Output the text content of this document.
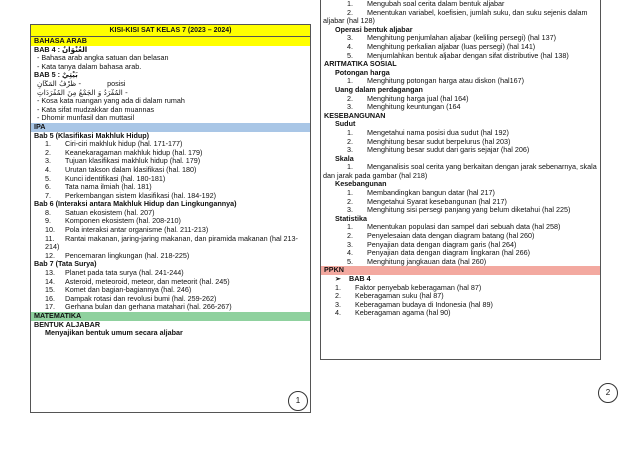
KISI-KISI SAT KELAS 7 (2023 – 2024)
BAHASA ARAB
BAB 4 : العُنْوَانُ
- Bahasa arab angka satuan dan belasan
- Kata tanya dalam bahasa arab.
BAB 5 : بَيْتِيْ
- ظَرْفُ المَكَانِ	posisi
- المُفْرَدُ وَ الجَمْعُ مِنَ المُفْرَدَاتِ
- Kosa kata ruangan yang ada di dalam rumah
- Kata sifat mudzakkar dan muannas
- Dhomir munfasil dan muttasil
IPA
Bab 5 (Klasifikasi Makhluk Hidup)
1. Ciri-ciri makhluk hidup (hal. 171-177)
2. Keanekaragaman makhluk hidup (hal. 179)
3. Tujuan klasifikasi makhluk hidup (hal. 179)
4. Urutan takson dalam klasifikasi (hal. 180)
5. Kunci identifikasi (hal. 180-181)
6. Tata nama ilmiah (hal. 181)
7. Perkembangan sistem klasifikasi (hal. 184-192)
Bab 6 (Interaksi antara Makhluk Hidup dan Lingkungannya)
8. Satuan ekosistem (hal. 207)
9. Komponen ekosistem (hal. 208-210)
10. Pola interaksi antar organisme (hal. 211-213)
11. Rantai makanan, jaring-jaring makanan, dan piramida makanan (hal 213-
214)
12. Pencemaran lingkungan (hal. 218-225)
Bab 7 (Tata Surya)
13. Planet pada tata surya (hal. 241-244)
14. Asteroid, meteoroid, meteor, dan meteorit (hal. 245)
15. Komet dan bagian-bagiannya (hal. 246)
16. Dampak rotasi dan revolusi bumi (hal. 259-262)
17. Gerhana bulan dan gerhana matahari (hal. 266-267)
MATEMATIKA
BENTUK ALJABAR
Menyajikan bentuk umum secara aljabar
1
1. Mengubah soal cerita dalam bentuk aljabar
2. Menentukan variabel, koefisien, jumlah suku, dan suku sejenis dalam
aljabar (hal 128)
Operasi bentuk aljabar
3. Menghitung penjumlahan aljabar (keliling persegi) (hal 137)
4. Menghitung perkalian aljabar (luas persegi) (hal 141)
5. Menjumlahkan bentuk aljabar dengan sifat distributive (hal 138)
ARITMATIKA SOSIAL
Potongan harga
1. Menghitung potongan harga atau diskon (hal167)
Uang dalam perdagangan
2. Menghitung harga jual (hal 164)
3. Menghitung keuntungan (164
KESEBANGUNAN
Sudut
1. Mengetahui nama posisi dua sudut (hal 192)
2. Menghitung besar sudut berpelurus (hal 203)
3. Menghitung besar sudut dari garis sejajar (hal 206)
Skala
1. Menganalisis soal cerita yang berkaitan dengan jarak sebenarnya, skala
dan jarak pada gambar (hal 218)
Kesebangunan
1. Membandingkan bangun datar (hal 217)
2. Mengetahui Syarat kesebangunan (hal 217)
3. Menghitung sisi persegi panjang yang belum diketahui (hal 225)
Statistika
1. Menentukan populasi dan sampel dari sebuah data (hal 258)
2. Penyelesaian data dengan diagram batang (hal 260)
3. Penyajian data dengan diagram garis (hal 264)
4. Penyajian data dengan diagram lingkaran (hal 266)
5. Menghitung jangkauan data (hal 260)
PPKN
➢ BAB 4
1. Faktor penyebab keberagaman (hal 87)
2. Keberagaman suku (hal 87)
3. Keberagaman budaya di Indonesia (hal 89)
4. Keberagaman agama (hal 90)
2
